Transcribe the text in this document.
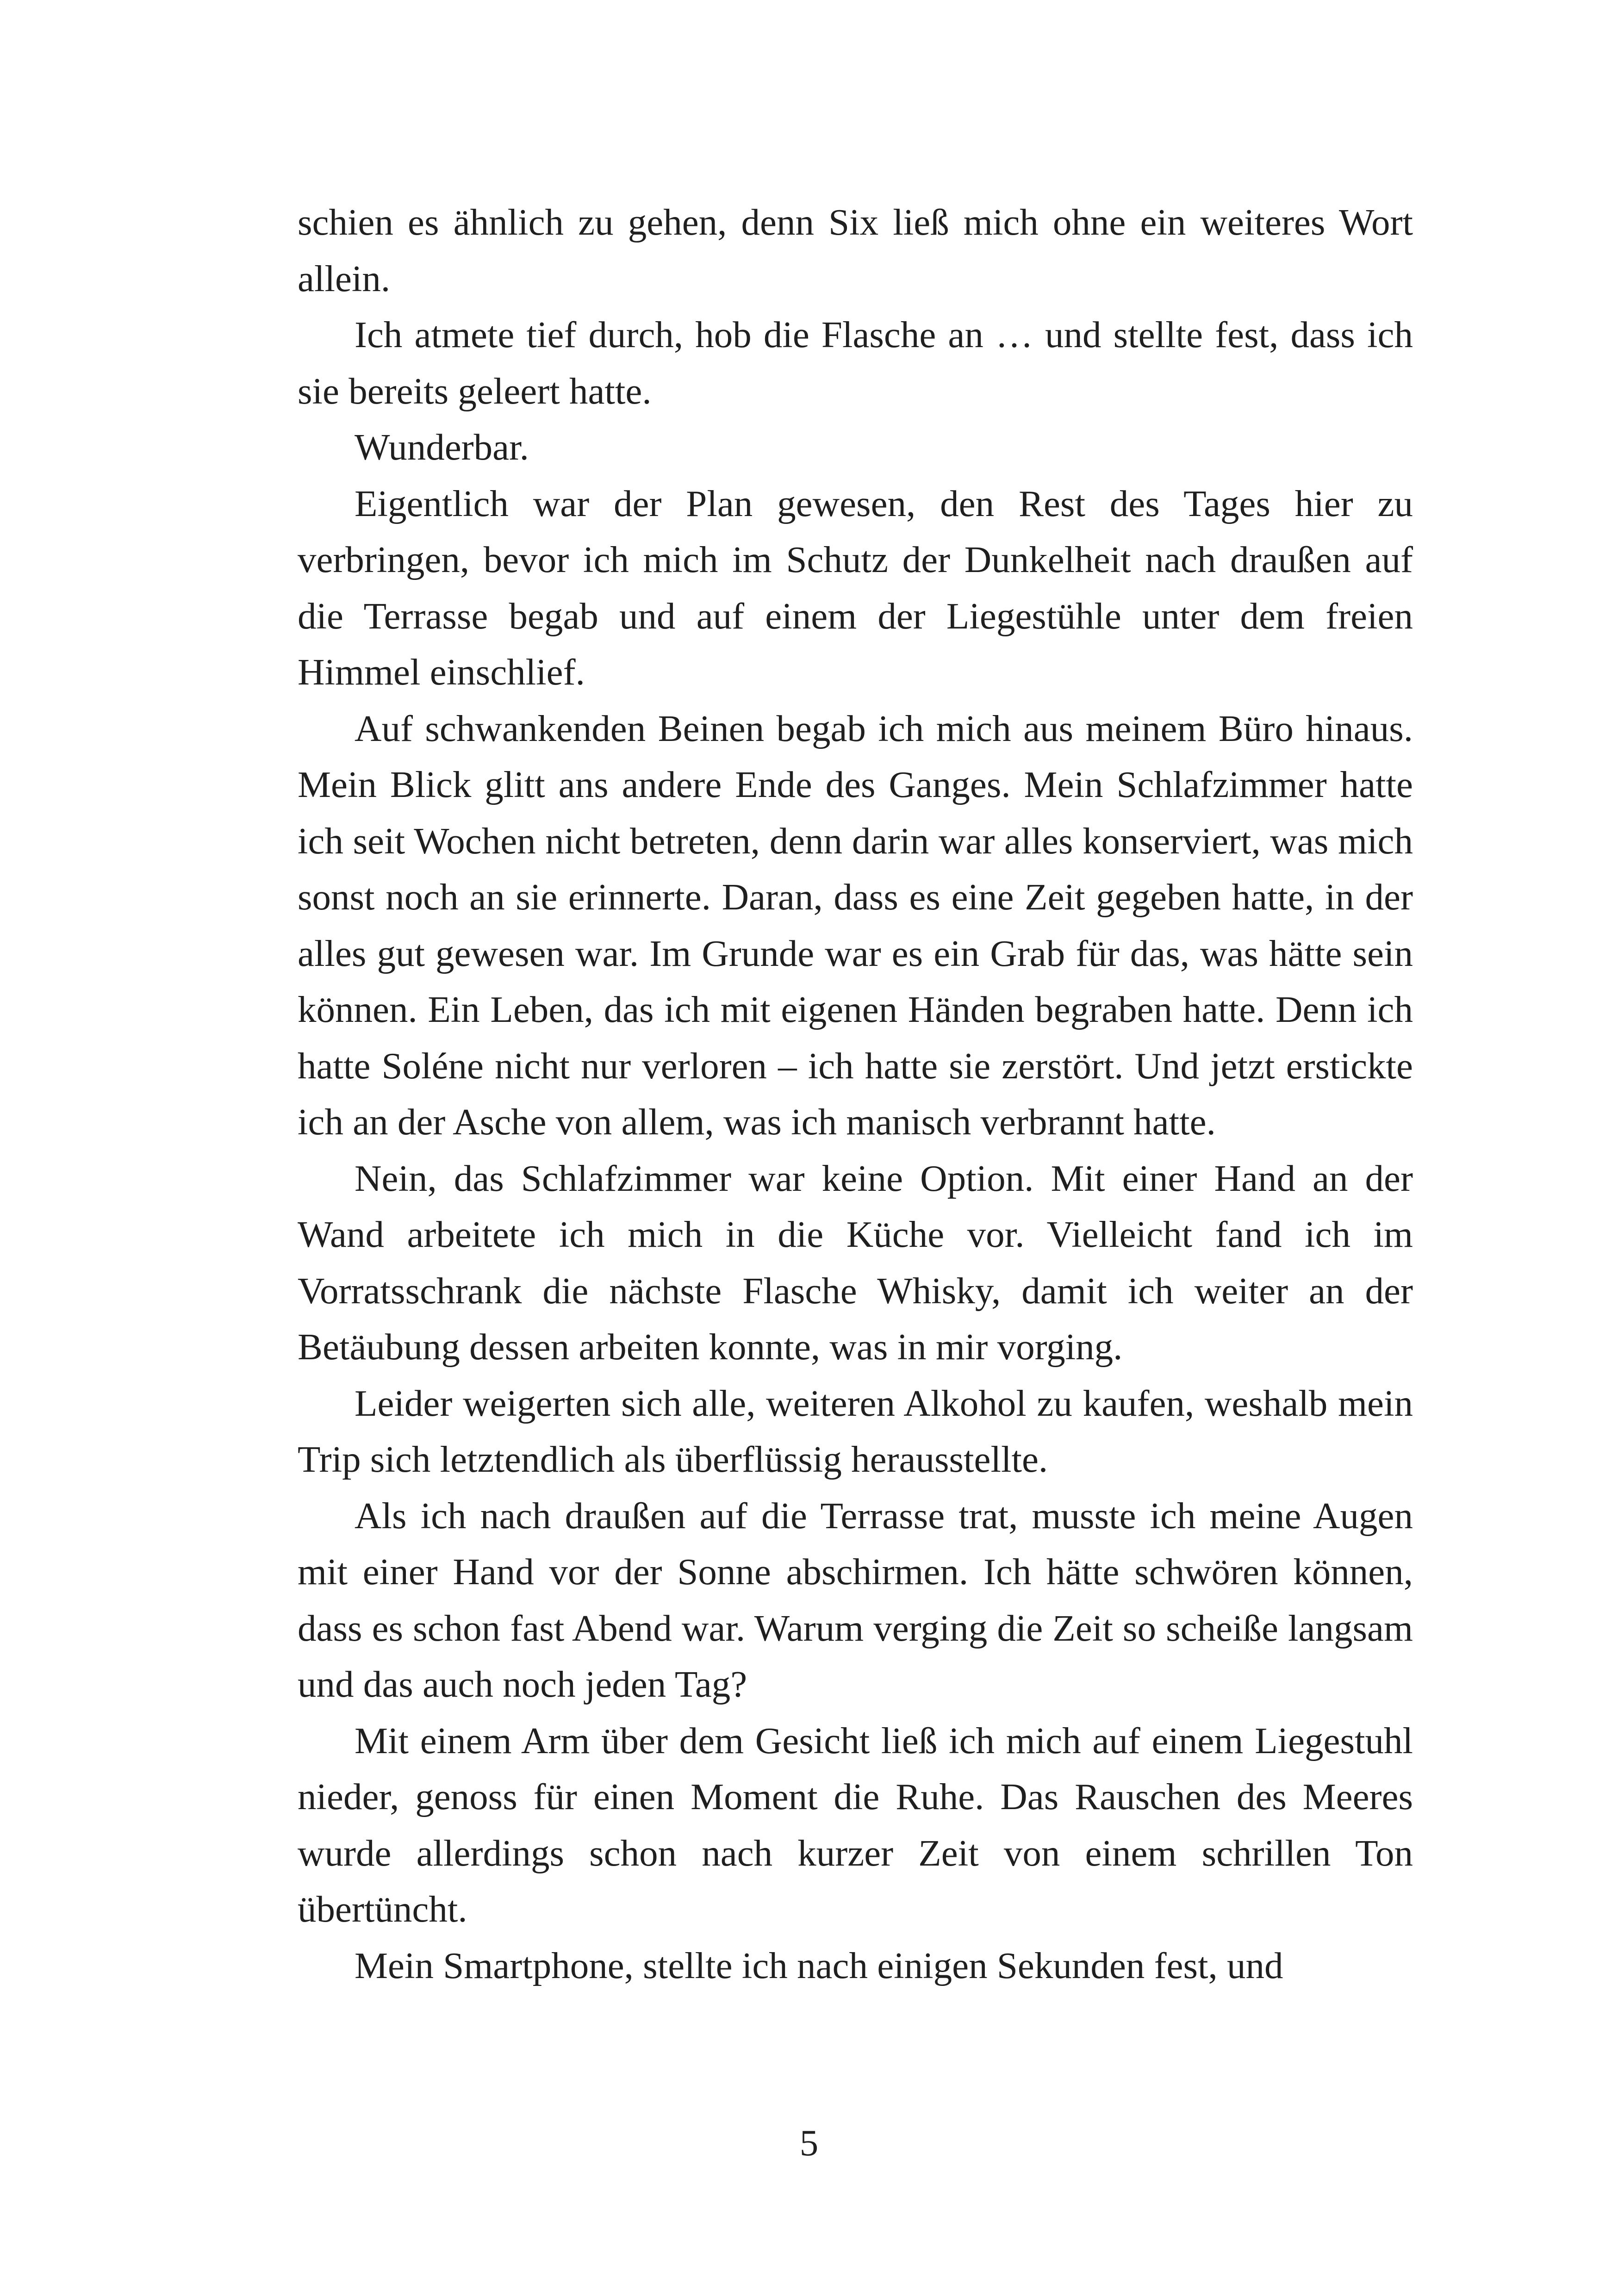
schien es ähnlich zu gehen, denn Six ließ mich ohne ein weiteres Wort allein.

Ich atmete tief durch, hob die Flasche an … und stellte fest, dass ich sie bereits geleert hatte.

Wunderbar.

Eigentlich war der Plan gewesen, den Rest des Tages hier zu verbringen, bevor ich mich im Schutz der Dunkelheit nach draußen auf die Terrasse begab und auf einem der Liegestühle unter dem freien Himmel einschlief.

Auf schwankenden Beinen begab ich mich aus meinem Büro hinaus. Mein Blick glitt ans andere Ende des Ganges. Mein Schlafzimmer hatte ich seit Wochen nicht betreten, denn darin war alles konserviert, was mich sonst noch an sie erinnerte. Daran, dass es eine Zeit gegeben hatte, in der alles gut gewesen war. Im Grunde war es ein Grab für das, was hätte sein können. Ein Leben, das ich mit eigenen Händen begraben hatte. Denn ich hatte Soléne nicht nur verloren – ich hatte sie zerstört. Und jetzt erstickte ich an der Asche von allem, was ich manisch verbrannt hatte.

Nein, das Schlafzimmer war keine Option. Mit einer Hand an der Wand arbeitete ich mich in die Küche vor. Vielleicht fand ich im Vorratsschrank die nächste Flasche Whisky, damit ich weiter an der Betäubung dessen arbeiten konnte, was in mir vorging.

Leider weigerten sich alle, weiteren Alkohol zu kaufen, weshalb mein Trip sich letztendlich als überflüssig herausstellte.

Als ich nach draußen auf die Terrasse trat, musste ich meine Augen mit einer Hand vor der Sonne abschirmen. Ich hätte schwören können, dass es schon fast Abend war. Warum verging die Zeit so scheiße langsam und das auch noch jeden Tag?

Mit einem Arm über dem Gesicht ließ ich mich auf einem Liegestuhl nieder, genoss für einen Moment die Ruhe. Das Rauschen des Meeres wurde allerdings schon nach kurzer Zeit von einem schrillen Ton übertüncht.

Mein Smartphone, stellte ich nach einigen Sekunden fest, und

5
